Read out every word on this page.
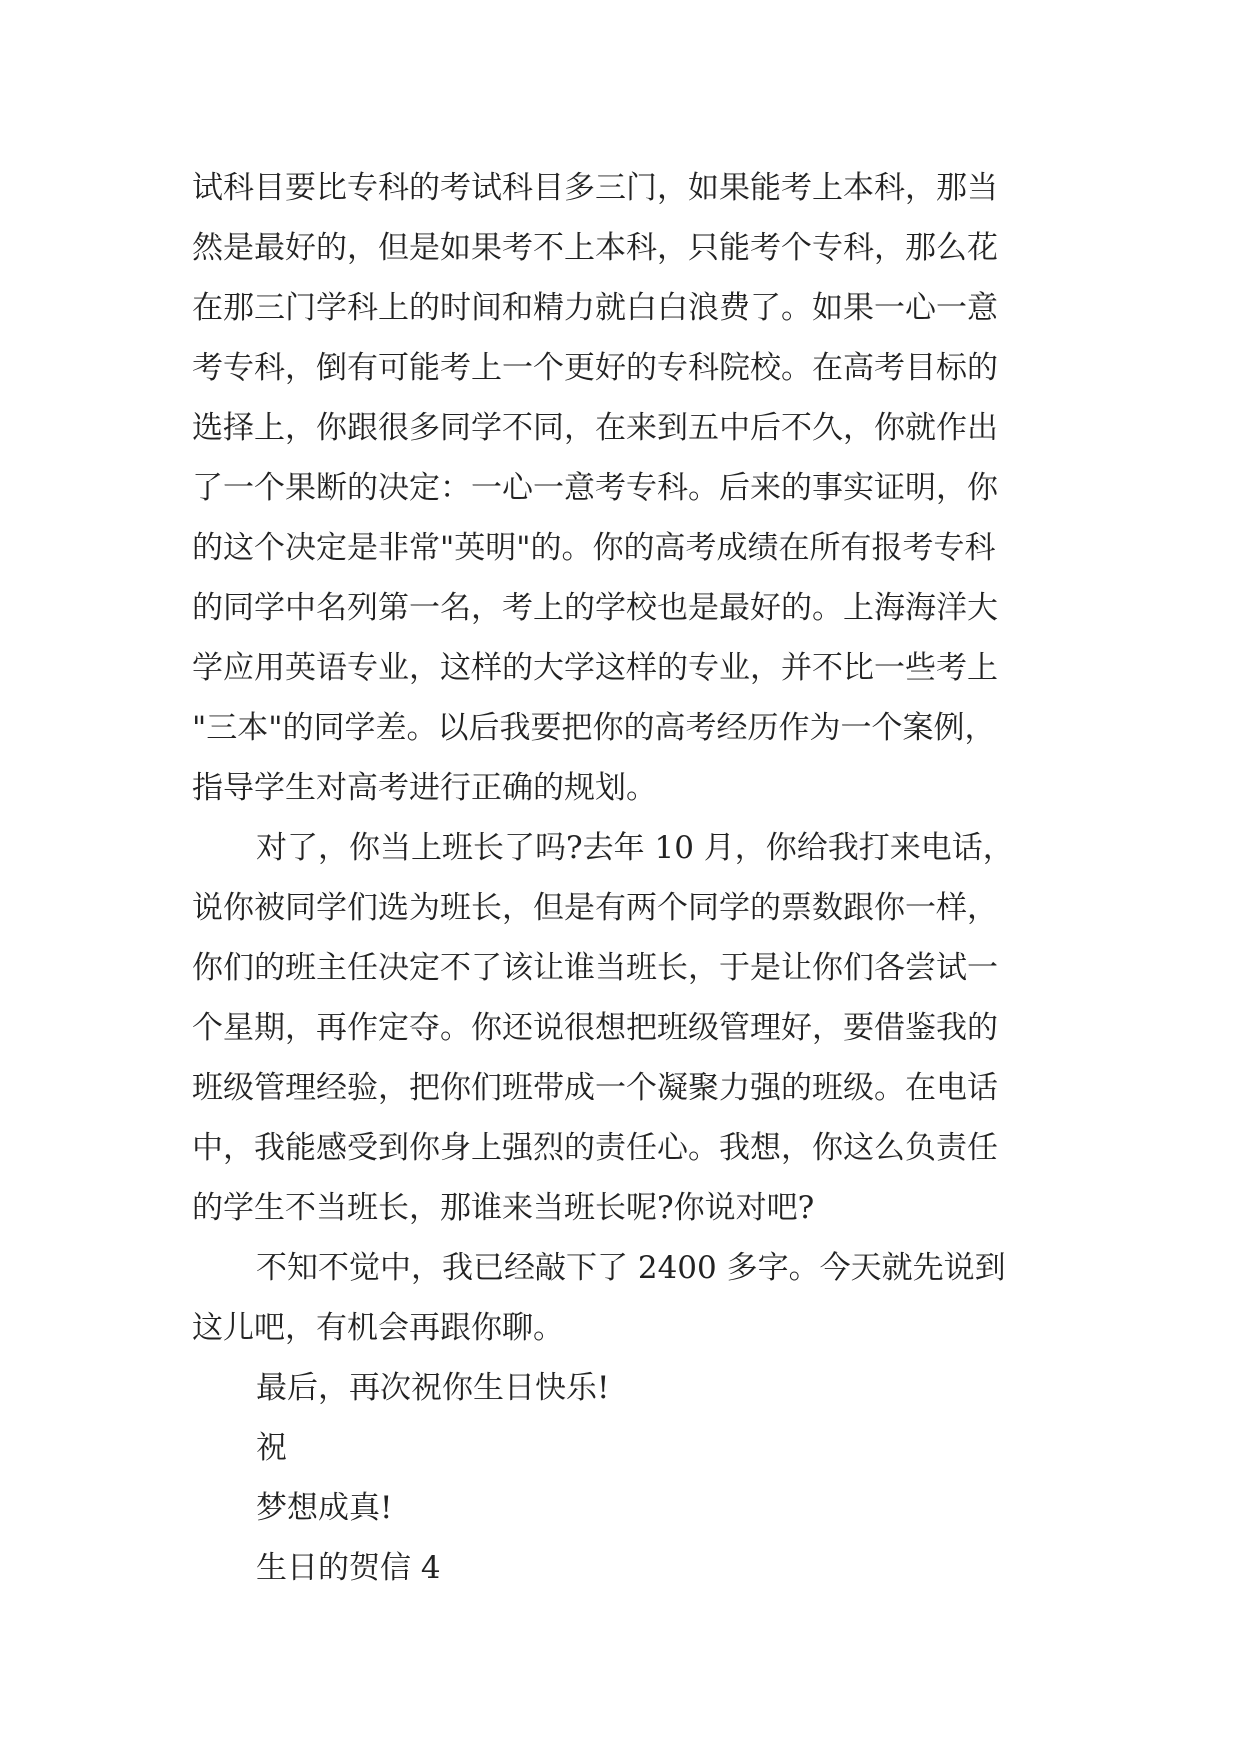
试科目要比专科的考试科目多三门，如果能考上本科，那当
然是最好的，但是如果考不上本科，只能考个专科，那么花
在那三门学科上的时间和精力就白白浪费了。如果一心一意
考专科，倒有可能考上一个更好的专科院校。在高考目标的
选择上，你跟很多同学不同，在来到五中后不久，你就作出
了一个果断的决定：一心一意考专科。后来的事实证明，你
的这个决定是非常"英明"的。你的高考成绩在所有报考专科
的同学中名列第一名，考上的学校也是最好的。上海海洋大
学应用英语专业，这样的大学这样的专业，并不比一些考上
"三本"的同学差。以后我要把你的高考经历作为一个案例，
指导学生对高考进行正确的规划。
对了，你当上班长了吗?去年 10 月，你给我打来电话，
说你被同学们选为班长，但是有两个同学的票数跟你一样，
你们的班主任决定不了该让谁当班长，于是让你们各尝试一
个星期，再作定夺。你还说很想把班级管理好，要借鉴我的
班级管理经验，把你们班带成一个凝聚力强的班级。在电话
中，我能感受到你身上强烈的责任心。我想，你这么负责任
的学生不当班长，那谁来当班长呢?你说对吧?
不知不觉中，我已经敲下了 2400 多字。今天就先说到
这儿吧，有机会再跟你聊。
最后，再次祝你生日快乐!
祝
梦想成真!
生日的贺信 4
